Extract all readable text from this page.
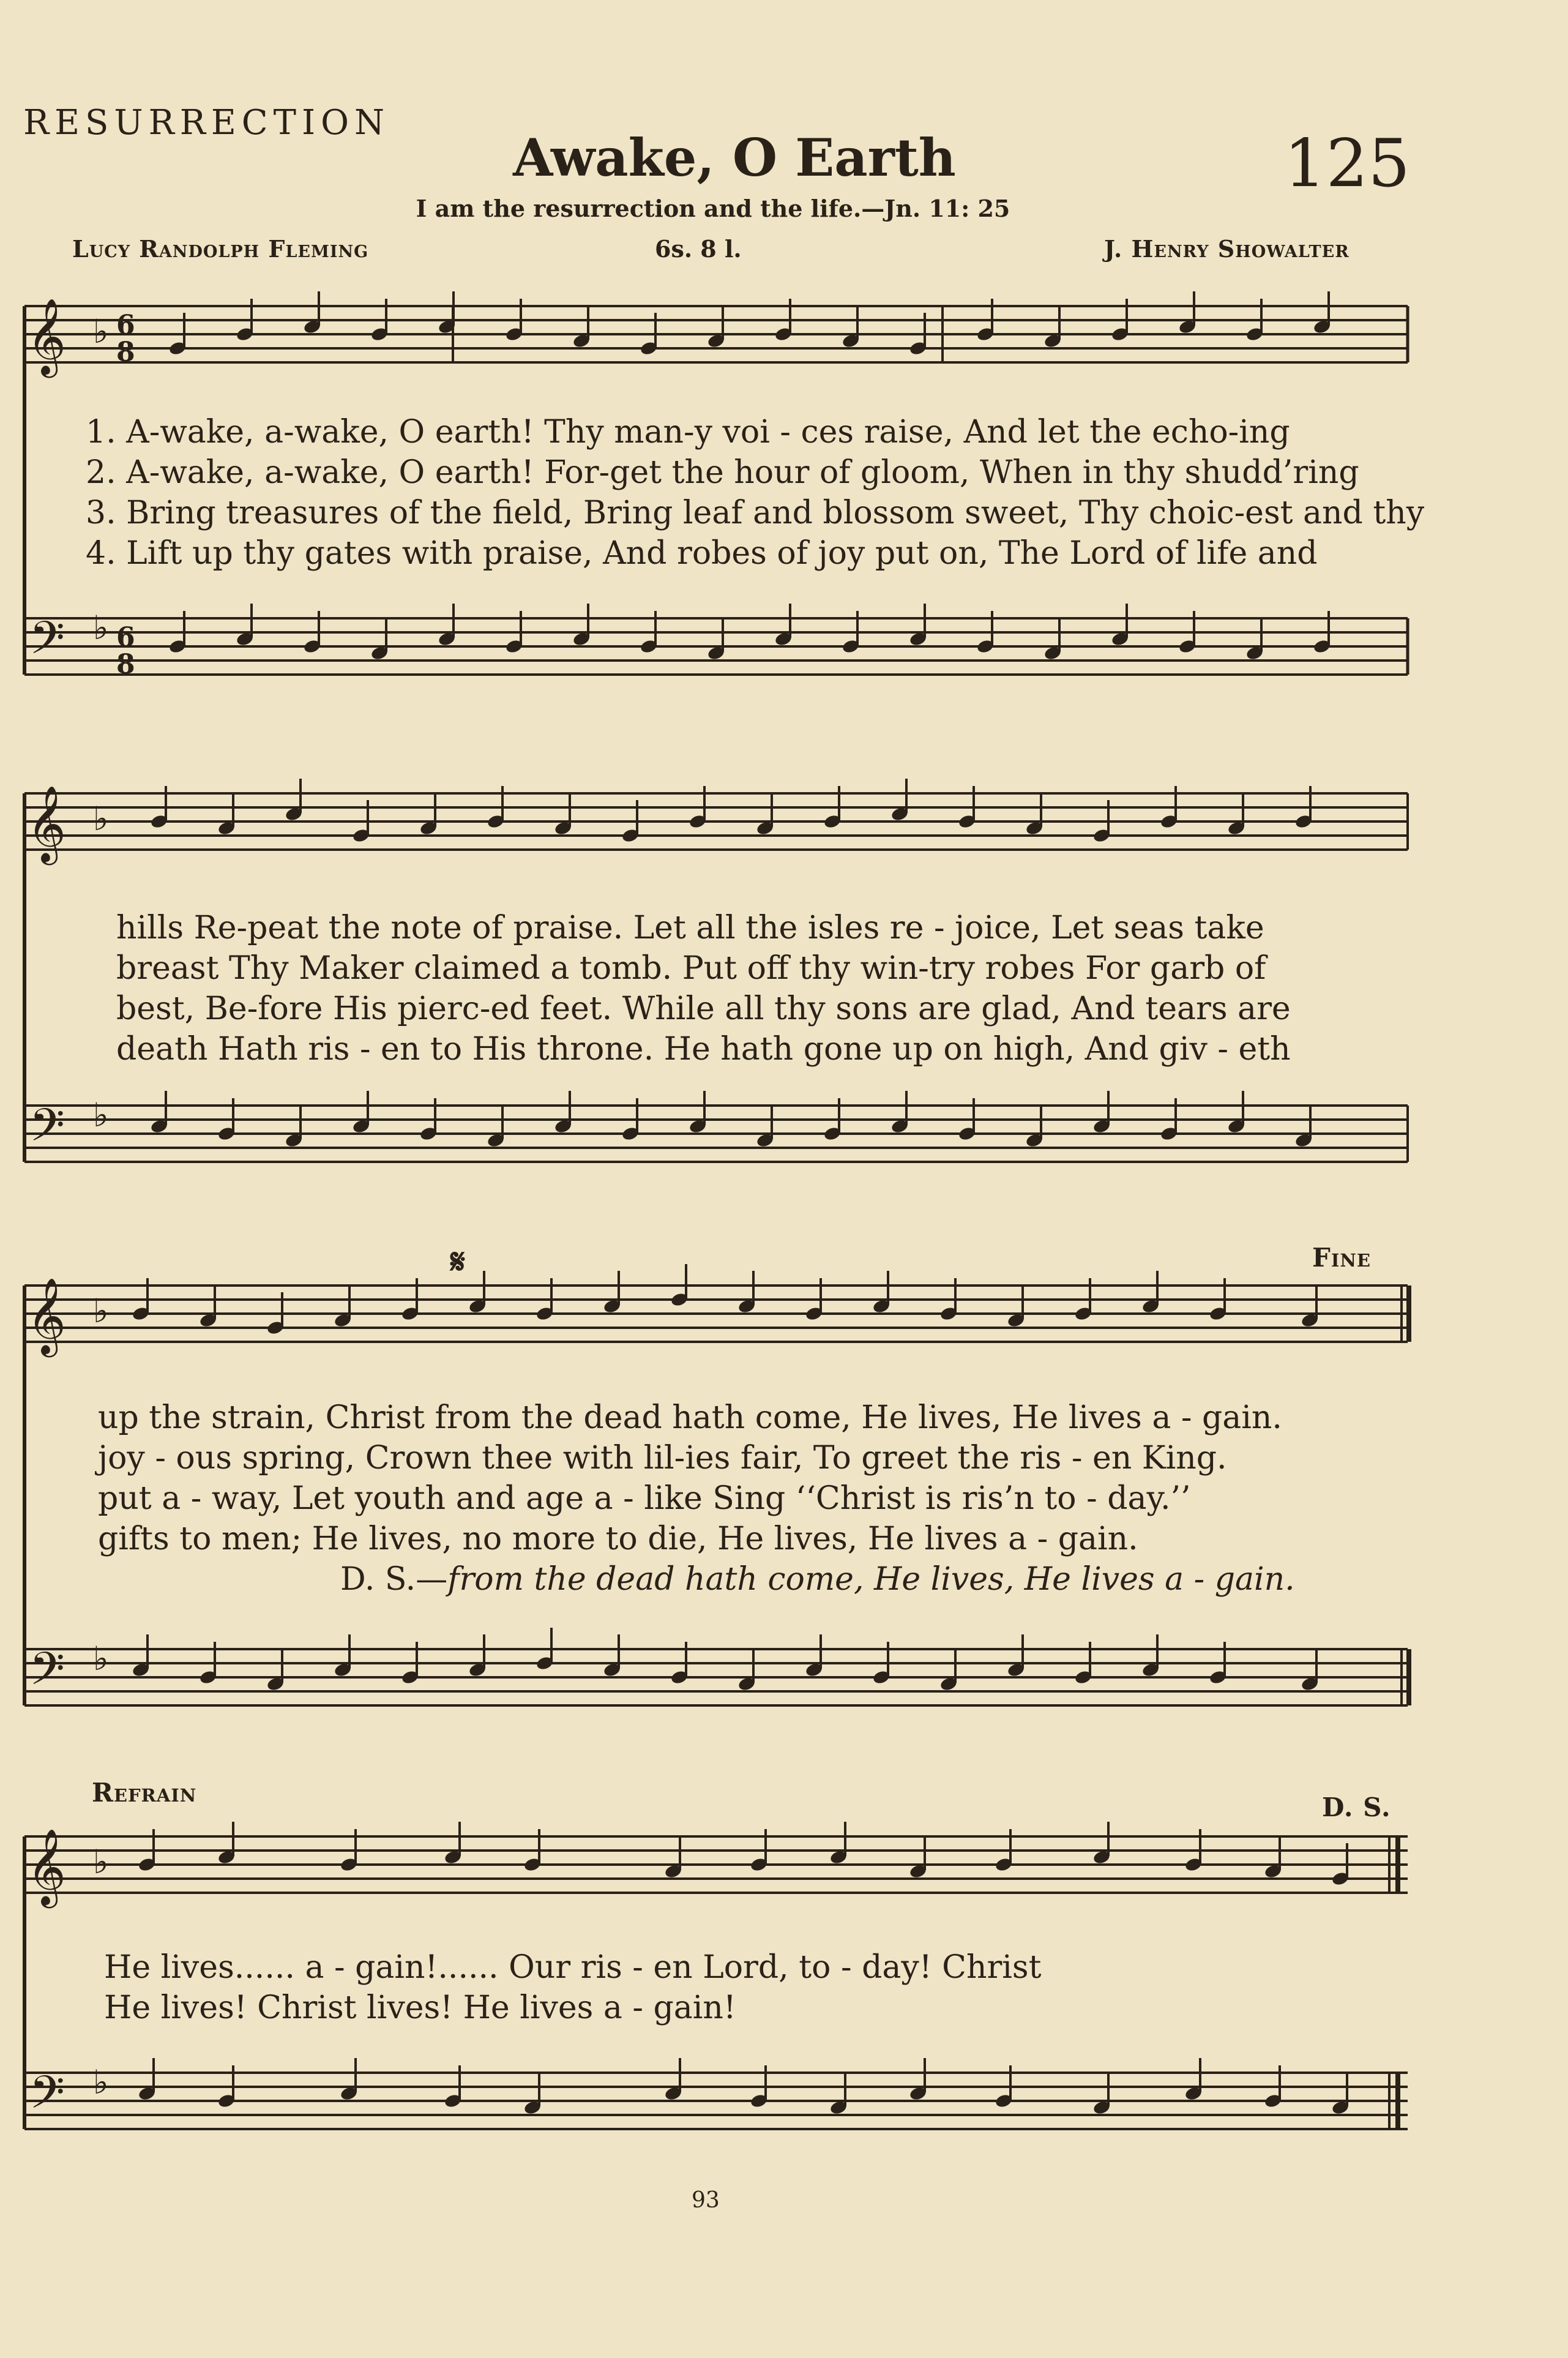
𝄞 ♭ 6
8
𝄢 ♭ 6
8
𝄞 ♭
𝄢 ♭
𝄞 ♭
𝄢 ♭
𝄞 ♭
𝄢 ♭
RESURRECTION
Awake, O Earth	125
I am the resurrection and the life.—Jn. 11: 25
Lucy Randolph Fleming	6s. 8 l.	J. Henry Showalter
1. A-wake, a-wake, O earth! Thy man-y voi - ces raise, And let the echo-ing
2. A-wake, a-wake, O earth! For-get the hour of gloom, When in thy shudd’ring
3. Bring treasures of the field, Bring leaf and blossom sweet, Thy choic-est and thy
4. Lift up thy gates with praise, And robes of joy put on, The Lord of life and
hills Re-peat the note of praise. Let all the isles re - joice, Let seas take
breast Thy Maker claimed a tomb. Put off thy win-try robes For garb of
best, Be-fore His pierc-ed feet. While all thy sons are glad, And tears are
death Hath ris - en to His throne. He hath gone up on high, And giv - eth
𝄋	Fine
up the strain, Christ from the dead hath come, He lives, He lives a - gain.
joy - ous spring, Crown thee with lil-ies fair, To greet the ris - en King.
put a - way, Let youth and age a - like Sing ‘‘Christ is ris’n to - day.’’
gifts to men; He lives, no more to die, He lives, He lives a - gain.
D. S.—from the dead hath come, He lives, He lives a - gain.
Refrain	D. S.
He lives...... a - gain!...... Our ris - en Lord, to - day! Christ
He lives! Christ lives! He lives a - gain!
93
